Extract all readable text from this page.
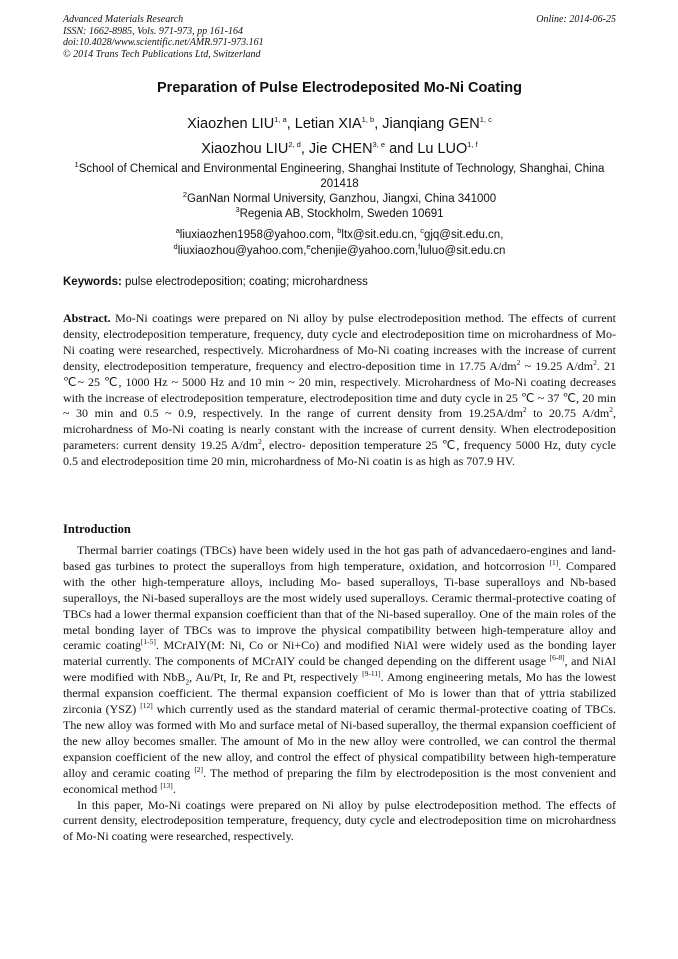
Advanced Materials Research
ISSN: 1662-8985, Vols. 971-973, pp 161-164
doi:10.4028/www.scientific.net/AMR.971-973.161
© 2014 Trans Tech Publications Ltd, Switzerland
Online: 2014-06-25
Preparation of Pulse Electrodeposited Mo-Ni Coating
Xiaozhen LIU$^{1, a}$, Letian XIA$^{1, b}$, Jianqiang GEN$^{1, c}$
Xiaozhou LIU$^{2, d}$, Jie CHEN$^{3, e}$ and Lu LUO$^{1, f}$
$^1$School of Chemical and Environmental Engineering, Shanghai Institute of Technology, Shanghai, China 201418
$^2$GanNan Normal University, Ganzhou, Jiangxi, China 341000
$^3$Regenia AB, Stockholm, Sweden 10691
$^a$liuxiaozhen1958@yahoo.com, $^b$ltx@sit.edu.cn, $^c$gjq@sit.edu.cn,
$^d$liuxiaozhou@yahoo.com,$^e$chenjie@yahoo.com,$^f$luluo@sit.edu.cn
Keywords: pulse electrodeposition; coating; microhardness
Abstract. Mo-Ni coatings were prepared on Ni alloy by pulse electrodeposition method. The effects of current density, electrodeposition temperature, frequency, duty cycle and electrodeposition time on microhardness of Mo-Ni coating were researched, respectively. Microhardness of Mo-Ni coating increases with the increase of current density, electrodeposition temperature, frequency and electro-deposition time in 17.75 $A/dm^2$ ~ 19.25 $A/dm^2$. 21 ℃~ 25 ℃, 1000 Hz ~ 5000 Hz and 10 min ~ 20 min, respectively. Microhardness of Mo-Ni coating decreases with the increase of electrodeposition temperature, electrodeposition time and duty cycle in 25 ℃ ~ 37 ℃, 20 min ~ 30 min and 0.5 ~ 0.9, respectively. In the range of current density from $19.25A/dm^2$ to 20.75 $A/dm^2$, microhardness of Mo-Ni coating is nearly constant with the increase of current density. When electrodeposition parameters: current density 19.25 $A/dm^2$, electro- deposition temperature 25 ℃, frequency 5000 Hz, duty cycle 0.5 and electrodeposition time 20 min, microhardness of Mo-Ni coatin is as high as 707.9 HV.
Introduction

Thermal barrier coatings (TBCs) have been widely used in the hot gas path of advancedaero-engines and land-based gas turbines to protect the superalloys from high temperature, oxidation, and hotcorrosion [1]. Compared with the other high-temperature alloys, including Mo- based superalloys, Ti-base superalloys and Nb-based superalloys, the Ni-based superalloys are the most widely used superalloys. Ceramic thermal-protective coating of TBCs had a lower thermal expansion coefficient than that of the Ni-based superalloy. One of the main roles of the metal bonding layer of TBCs was to improve the physical compatibility between high-temperature alloy and ceramic coating[1-5]. MCrAlY(M: Ni, Co or Ni+Co) and modified NiAl were widely used as the bonding layer material currently. The components of MCrAlY could be changed depending on the different usage [6-8], and NiAl were modified with NbB$_2$, Au/Pt, Ir, Re and Pt, respectively [9-11]. Among engineering metals, Mo has the lowest thermal expansion coefficient. The thermal expansion coefficient of Mo is lower than that of yttria stabilized zirconia (YSZ) [12] which currently used as the standard material of ceramic thermal-protective coating of TBCs. The new alloy was formed with Mo and surface metal of Ni-based superalloy, the thermal expansion coefficient of the new alloy becomes smaller. The amount of Mo in the new alloy were controlled, we can control the thermal expansion coefficient of the new alloy, and control the effect of physical compatibility between high-temperature alloy and ceramic coating [2]. The method of preparing the film by electrodeposition is the most convenient and economical method [13].

In this paper, Mo-Ni coatings were prepared on Ni alloy by pulse electrodeposition method. The effects of current density, electrodeposition temperature, frequency, duty cycle and electrodeposition time on microhardness of Mo-Ni coating were researched, respectively.
